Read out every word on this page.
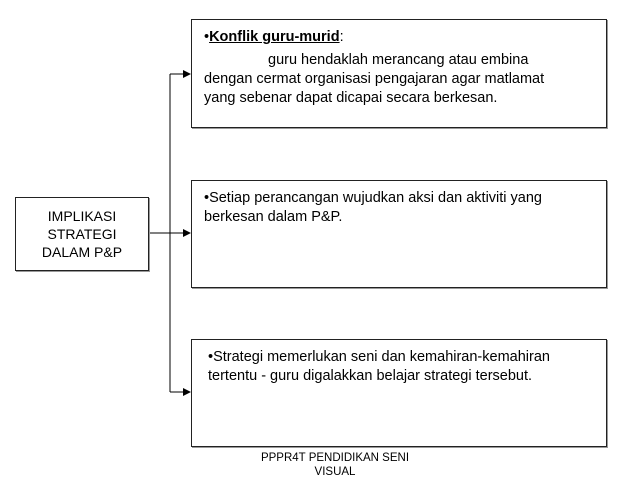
IMPLIKASI
STRATEGI
DALAM P&P
•Konflik guru-murid:
guru hendaklah merancang atau embina
dengan cermat organisasi pengajaran agar matlamat
yang sebenar dapat dicapai secara berkesan.
•Setiap perancangan wujudkan aksi dan aktiviti yang
berkesan dalam P&P.
•Strategi memerlukan seni dan kemahiran-kemahiran
tertentu - guru digalakkan belajar strategi tersebut.
PPPR4T PENDIDIKAN SENI
VISUAL
